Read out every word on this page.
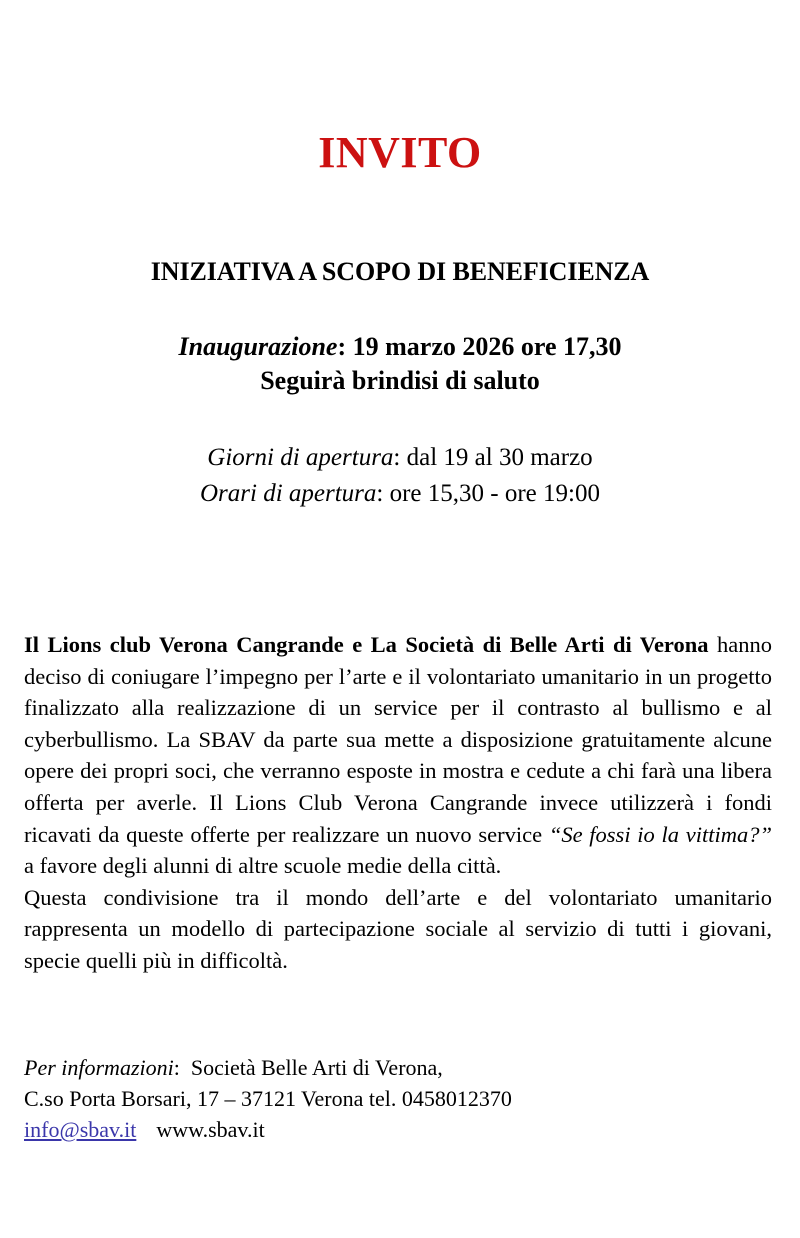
INVITO
INIZIATIVA A SCOPO DI BENEFICIENZA
Inaugurazione: 19 marzo 2026 ore 17,30
Seguirà brindisi di saluto
Giorni di apertura: dal 19 al 30 marzo
Orari di apertura: ore 15,30 - ore 19:00

Il Lions club Verona Cangrande e La Società di Belle Arti di Verona hanno deciso di coniugare l’impegno per l’arte e il volontariato umanitario in un progetto finalizzato alla realizzazione di un service per il contrasto al bullismo e al cyberbullismo. La SBAV da parte sua mette a disposizione gratuitamente alcune opere dei propri soci, che verranno esposte in mostra e cedute a chi farà una libera offerta per averle. Il Lions Club Verona Cangrande invece utilizzerà i fondi ricavati da queste offerte per realizzare un nuovo service “Se fossi io la vittima?” a favore degli alunni di altre scuole medie della città.

Questa condivisione tra il mondo dell’arte e del volontariato umanitario rappresenta un modello di partecipazione sociale al servizio di tutti i giovani, specie quelli più in difficoltà.

Per informazioni: Società Belle Arti di Verona,
C.so Porta Borsari, 17 – 37121 Verona tel. 0458012370
info@sbav.it www.sbav.it
